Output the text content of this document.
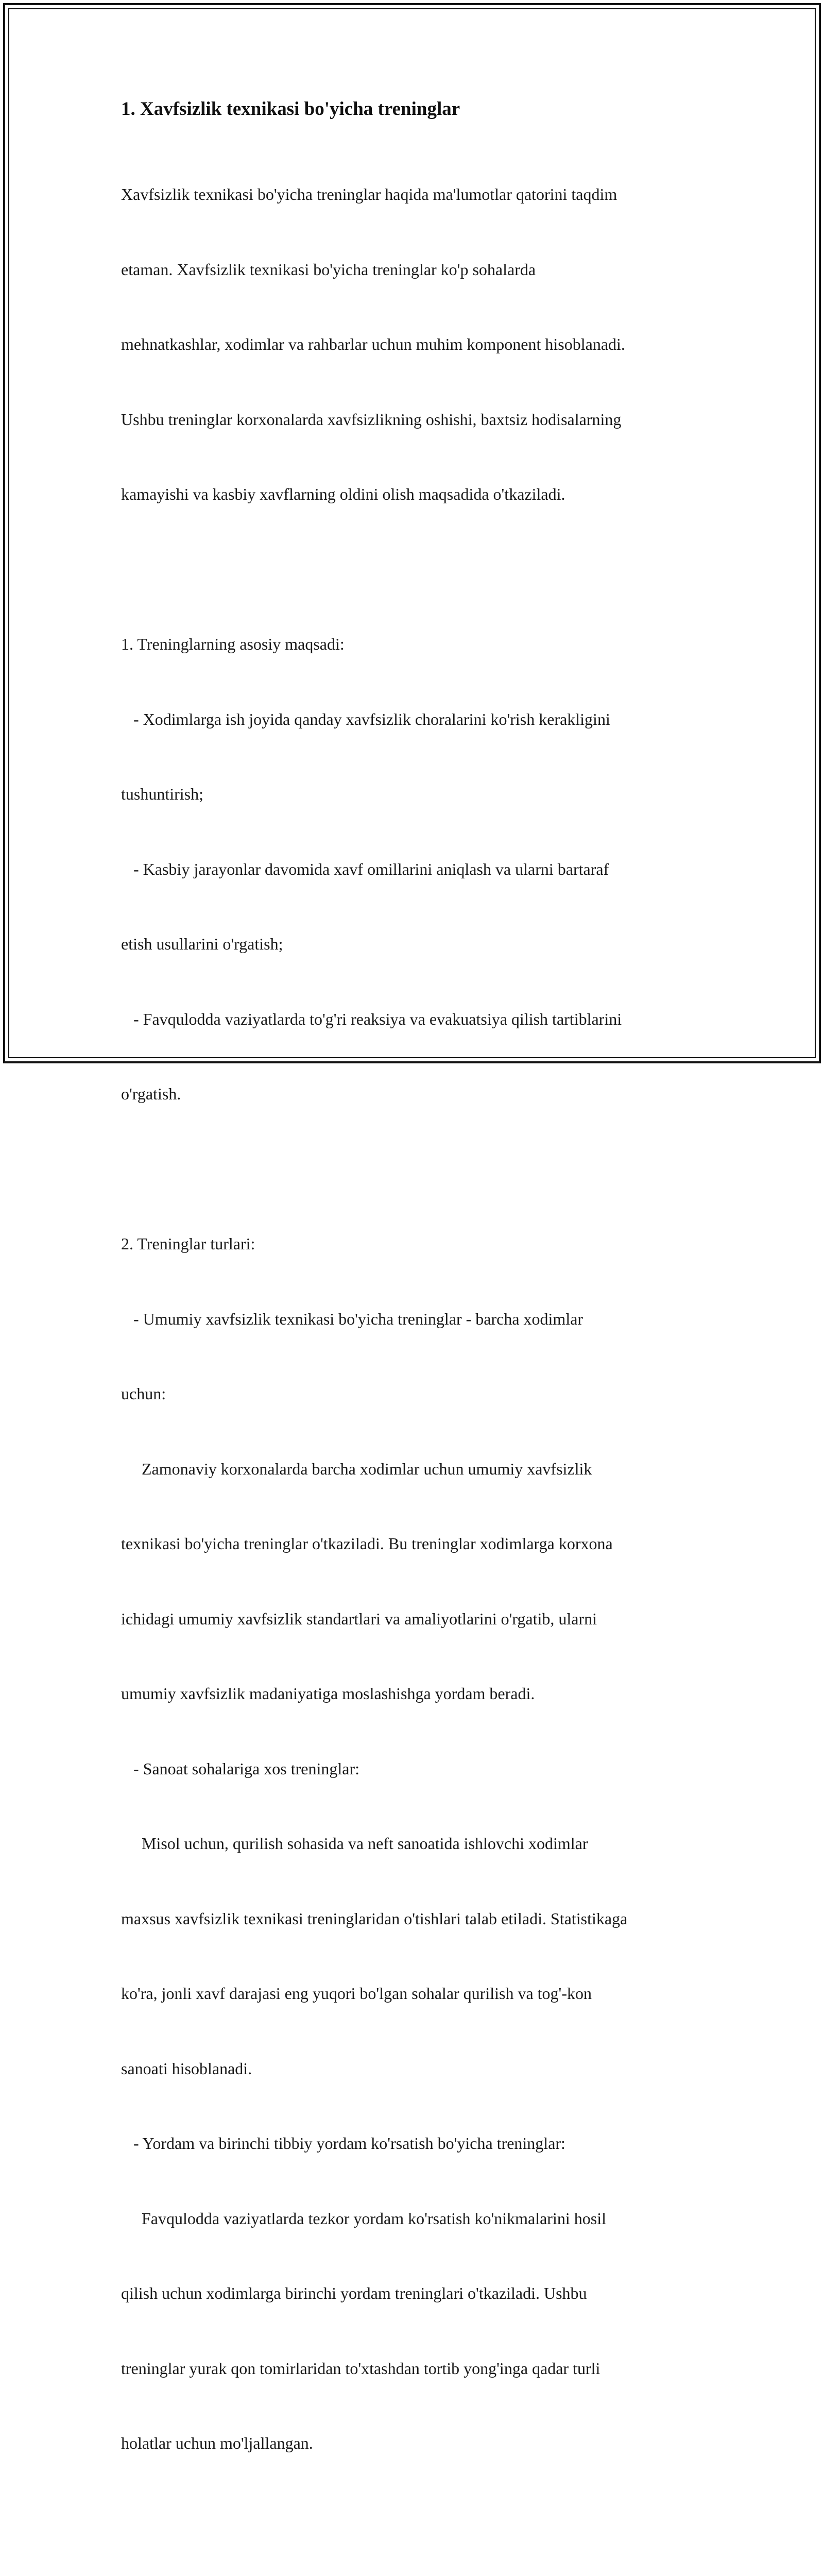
1. Xavfsizlik texnikasi bo'yicha treninglar

Xavfsizlik texnikasi bo'yicha treninglar haqida ma'lumotlar qatorini taqdim

etaman. Xavfsizlik texnikasi bo'yicha treninglar ko'p sohalarda

mehnatkashlar, xodimlar va rahbarlar uchun muhim komponent hisoblanadi.

Ushbu treninglar korxonalarda xavfsizlikning oshishi, baxtsiz hodisalarning

kamayishi va kasbiy xavflarning oldini olish maqsadida o'tkaziladi.

1. Treninglarning asosiy maqsadi:

- Xodimlarga ish joyida qanday xavfsizlik choralarini ko'rish kerakligini

tushuntirish;

- Kasbiy jarayonlar davomida xavf omillarini aniqlash va ularni bartaraf

etish usullarini o'rgatish;

- Favqulodda vaziyatlarda to'g'ri reaksiya va evakuatsiya qilish tartiblarini

o'rgatish.

2. Treninglar turlari:

- Umumiy xavfsizlik texnikasi bo'yicha treninglar - barcha xodimlar

uchun:

Zamonaviy korxonalarda barcha xodimlar uchun umumiy xavfsizlik

texnikasi bo'yicha treninglar o'tkaziladi. Bu treninglar xodimlarga korxona

ichidagi umumiy xavfsizlik standartlari va amaliyotlarini o'rgatib, ularni

umumiy xavfsizlik madaniyatiga moslashishga yordam beradi.

- Sanoat sohalariga xos treninglar:

Misol uchun, qurilish sohasida va neft sanoatida ishlovchi xodimlar

maxsus xavfsizlik texnikasi treninglaridan o'tishlari talab etiladi. Statistikaga

ko'ra, jonli xavf darajasi eng yuqori bo'lgan sohalar qurilish va tog'-kon

sanoati hisoblanadi.

- Yordam va birinchi tibbiy yordam ko'rsatish bo'yicha treninglar:

Favqulodda vaziyatlarda tezkor yordam ko'rsatish ko'nikmalarini hosil

qilish uchun xodimlarga birinchi yordam treninglari o'tkaziladi. Ushbu

treninglar yurak qon tomirlaridan to'xtashdan tortib yong'inga qadar turli

holatlar uchun mo'ljallangan.
